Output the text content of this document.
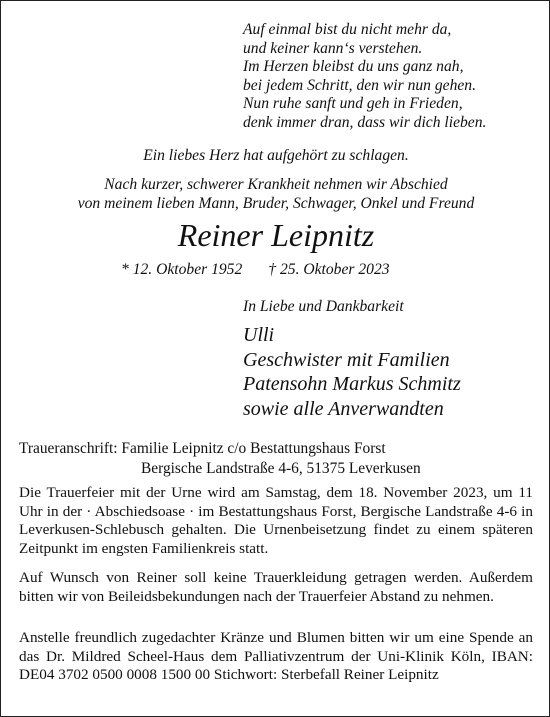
Auf einmal bist du nicht mehr da,
und keiner kann‘s verstehen.
Im Herzen bleibst du uns ganz nah,
bei jedem Schritt, den wir nun gehen.
Nun ruhe sanft und geh in Frieden,
denk immer dran, dass wir dich lieben.
Ein liebes Herz hat aufgehört zu schlagen.
Nach kurzer, schwerer Krankheit nehmen wir Abschied
von meinem lieben Mann, Bruder, Schwager, Onkel und Freund
Reiner Leipnitz
* 12. Oktober 1952 † 25. Oktober 2023
In Liebe und Dankbarkeit
Ulli
Geschwister mit Familien
Patensohn Markus Schmitz
sowie alle Anverwandten
Traueranschrift: Familie Leipnitz c/o Bestattungshaus Forst
Bergische Landstraße 4-6, 51375 Leverkusen
Die Trauerfeier mit der Urne wird am Samstag, dem 18. November 2023, um 11 Uhr in der · Abschiedsoase · im Bestattungshaus Forst, Bergische Landstraße 4-6 in Leverkusen-Schlebusch gehalten. Die Urnenbeisetzung findet zu einem späteren Zeitpunkt im engsten Familienkreis statt.
Auf Wunsch von Reiner soll keine Trauerkleidung getragen werden. Außerdem bitten wir von Beileidsbekundungen nach der Trauerfeier Abstand zu nehmen.
Anstelle freundlich zugedachter Kränze und Blumen bitten wir um eine Spende an das Dr. Mildred Scheel-Haus dem Palliativzentrum der Uni-Klinik Köln, IBAN: DE04 3702 0500 0008 1500 00 Stichwort: Sterbefall Reiner Leipnitz
